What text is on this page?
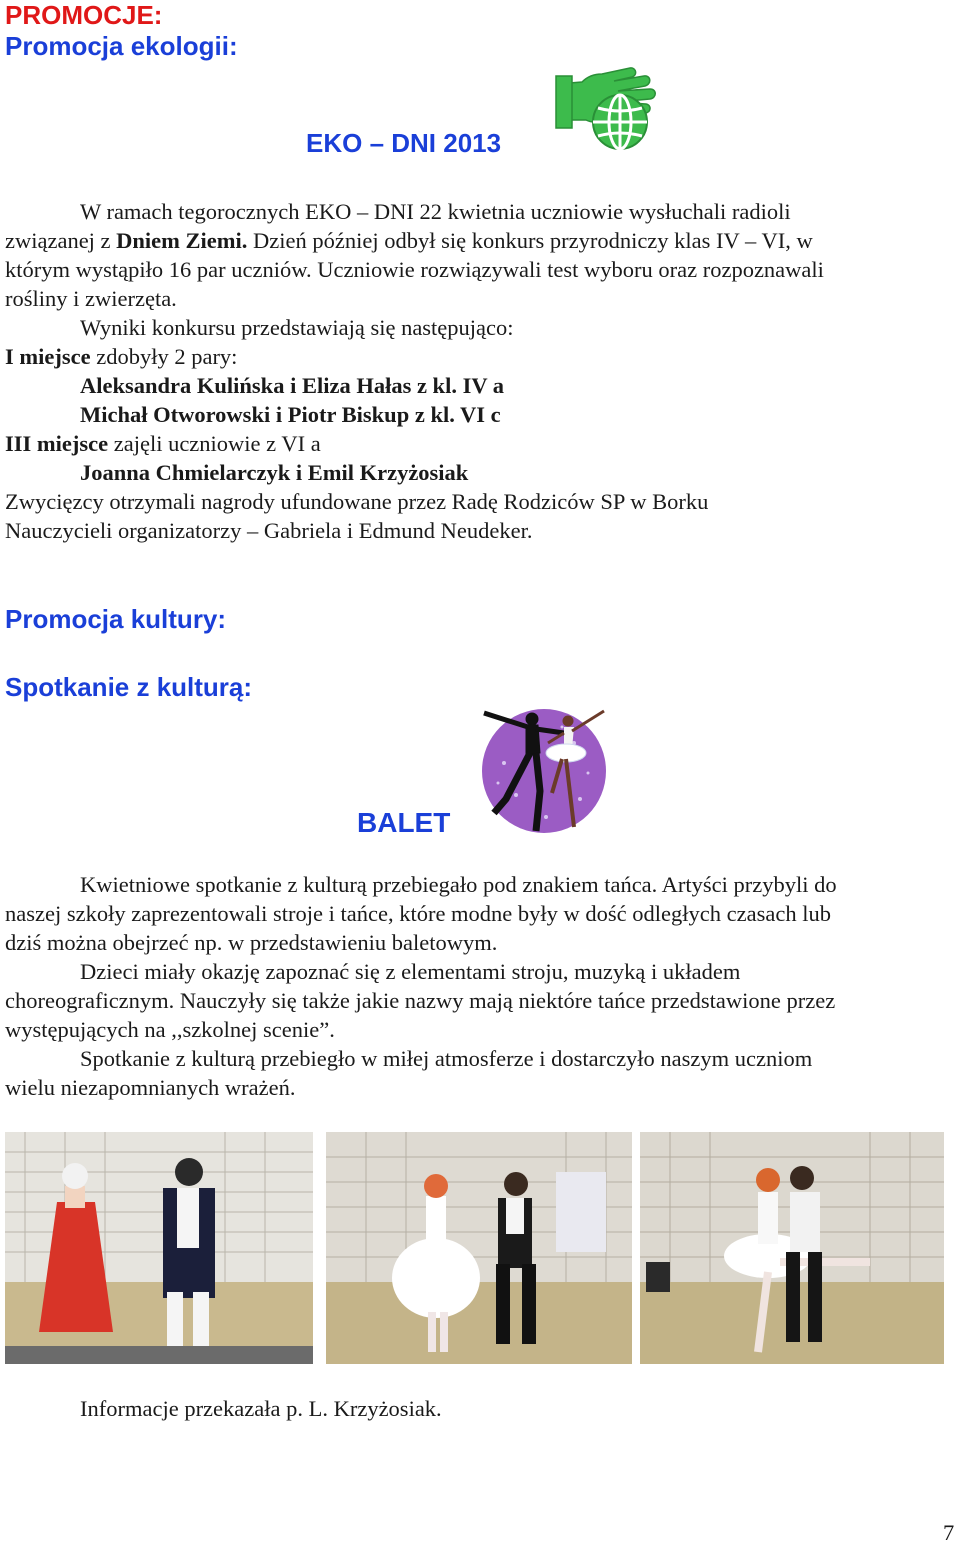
PROMOCJE:
Promocja ekologii:
EKO – DNI 2013
W ramach tegorocznych EKO – DNI 22 kwietnia uczniowie wysłuchali radioli
związanej z Dniem Ziemi. Dzień później odbył się konkurs przyrodniczy klas IV – VI, w
którym wystąpiło 16 par uczniów. Uczniowie rozwiązywali test wyboru oraz rozpoznawali
rośliny i zwierzęta.
Wyniki konkursu przedstawiają się następująco:
I miejsce zdobyły 2 pary:
Aleksandra Kulińska i Eliza Hałas z kl. IV a
Michał Otworowski i Piotr Biskup z kl. VI c
III miejsce zajęli uczniowie z VI a
Joanna Chmielarczyk i Emil Krzyżosiak
Zwycięzcy otrzymali nagrody ufundowane przez Radę Rodziców SP w Borku
Nauczycieli organizatorzy – Gabriela i Edmund Neudeker.
Promocja kultury:
Spotkanie z kulturą:
BALET
Kwietniowe spotkanie z kulturą przebiegało pod znakiem tańca. Artyści przybyli do
naszej szkoły zaprezentowali stroje i tańce, które modne były w dość odległych czasach lub
dziś można obejrzeć np. w przedstawieniu baletowym.
Dzieci miały okazję zapoznać się z elementami stroju, muzyką i układem
choreograficznym. Nauczyły się także jakie nazwy mają niektóre tańce przedstawione przez
występujących na ,,szkolnej scenie”.
Spotkanie z kulturą przebiegło w miłej atmosferze i dostarczyło naszym uczniom
wielu niezapomnianych wrażeń.
Informacje przekazała p. L. Krzyżosiak.
7
